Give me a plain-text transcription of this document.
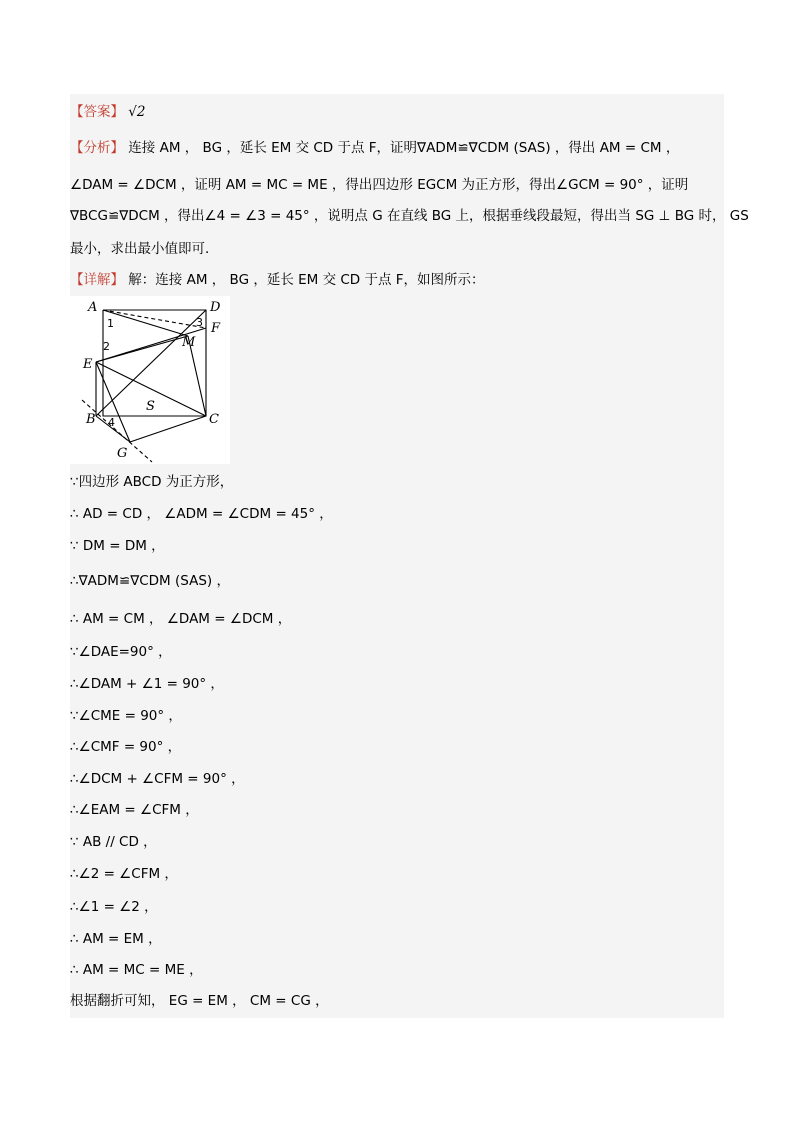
【答案】 √2
【分析】 连接 AM ， BG ，延长 EM 交 CD 于点 F，证明∇ADM≌∇CDM (SAS) ，得出 AM = CM ，
∠DAM = ∠DCM ，证明 AM = MC = ME ，得出四边形 EGCM 为正方形，得出∠GCM = 90° ，证明
∇BCG≌∇DCM ，得出∠4 = ∠3 = 45° ，说明点 G 在直线 BG 上，根据垂线段最短，得出当 SG ⊥ BG 时， GS
最小，求出最小值即可．
【详解】 解：连接 AM ， BG ，延长 EM 交 CD 于点 F，如图所示：
A	D
F
M
E
B	C
S
G
1
2
3
4
∵四边形 ABCD 为正方形，
∴ AD = CD ， ∠ADM = ∠CDM = 45° ，
∵ DM = DM ，
∴∇ADM≌∇CDM (SAS) ，
∴ AM = CM ， ∠DAM = ∠DCM ，
∵∠DAE=90° ，
∴∠DAM + ∠1 = 90° ，
∵∠CME = 90° ，
∴∠CMF = 90° ，
∴∠DCM + ∠CFM = 90° ，
∴∠EAM = ∠CFM ，
∵ AB // CD ，
∴∠2 = ∠CFM ，
∴∠1 = ∠2 ，
∴ AM = EM ，
∴ AM = MC = ME ，
根据翻折可知， EG = EM ， CM = CG ，
